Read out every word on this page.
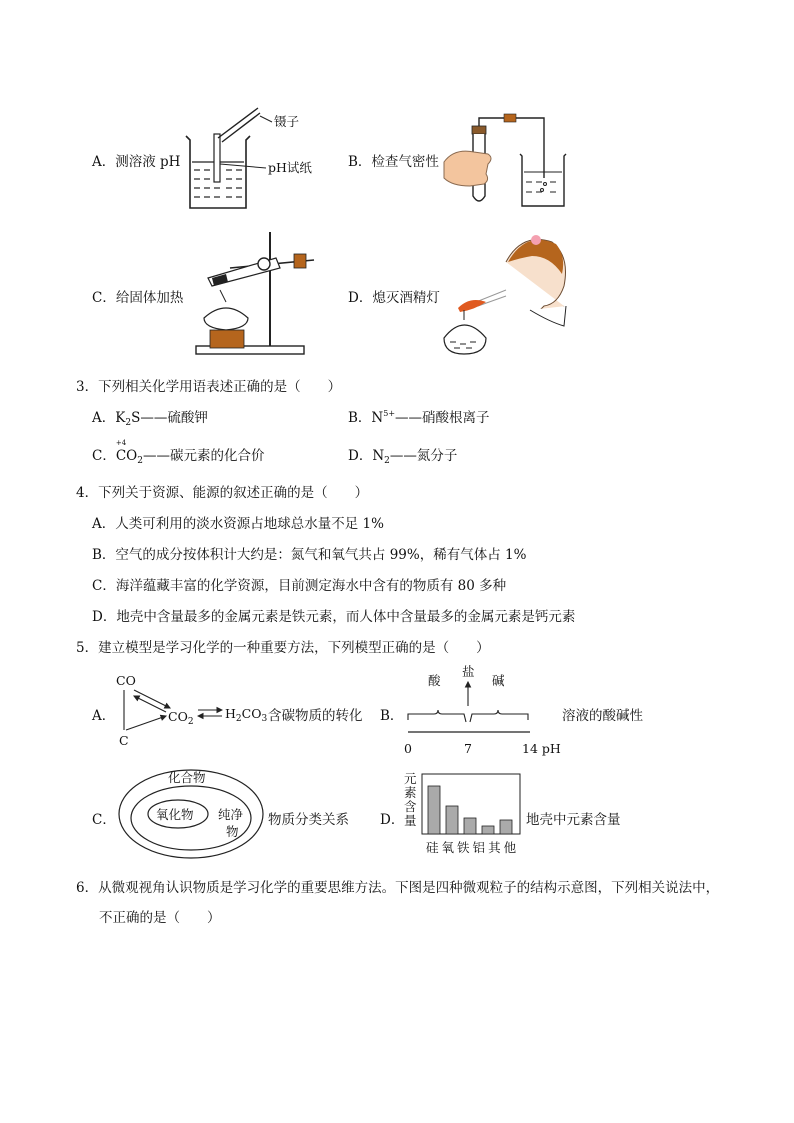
A．测溶液 pH
镊子
pH试纸	B．检查气密性
C．给固体加热	D．熄灭酒精灯
3．下列相关化学用语表述正确的是（　　）
A．$K_2S——$硫酸钾	B．$N^{5+}——$硝酸根离子
C．
+4
$CO_2——$碳元素的化合价	D．$N_2——$氮分子
4．下列关于资源、能源的叙述正确的是（　　）
A．人类可利用的淡水资源占地球总水量不足 1%
B．空气的成分按体积计大约是：氮气和氧气共占 99%，稀有气体占 1%
C．海洋蕴藏丰富的化学资源，目前测定海水中含有的物质有 80 多种
D．地壳中含量最多的金属元素是铁元素，而人体中含量最多的金属元素是钙元素
5．建立模型是学习化学的一种重要方法，下列模型正确的是（　　）
A．
CO
$CO_2$
C
$H_2CO_3$ 含碳物质的转化 B．
酸
盐
碱
0	7	14 pH
溶液的酸碱性
C．
化合物
氧化物 纯净
物
物质分类关系 D．
元
素
含
量
硅氧铁铝其他
地壳中元素含量
6．从微观视角认识物质是学习化学的重要思维方法。下图是四种微观粒子的结构示意图，下列相关说法中，
不正确的是（　　）
